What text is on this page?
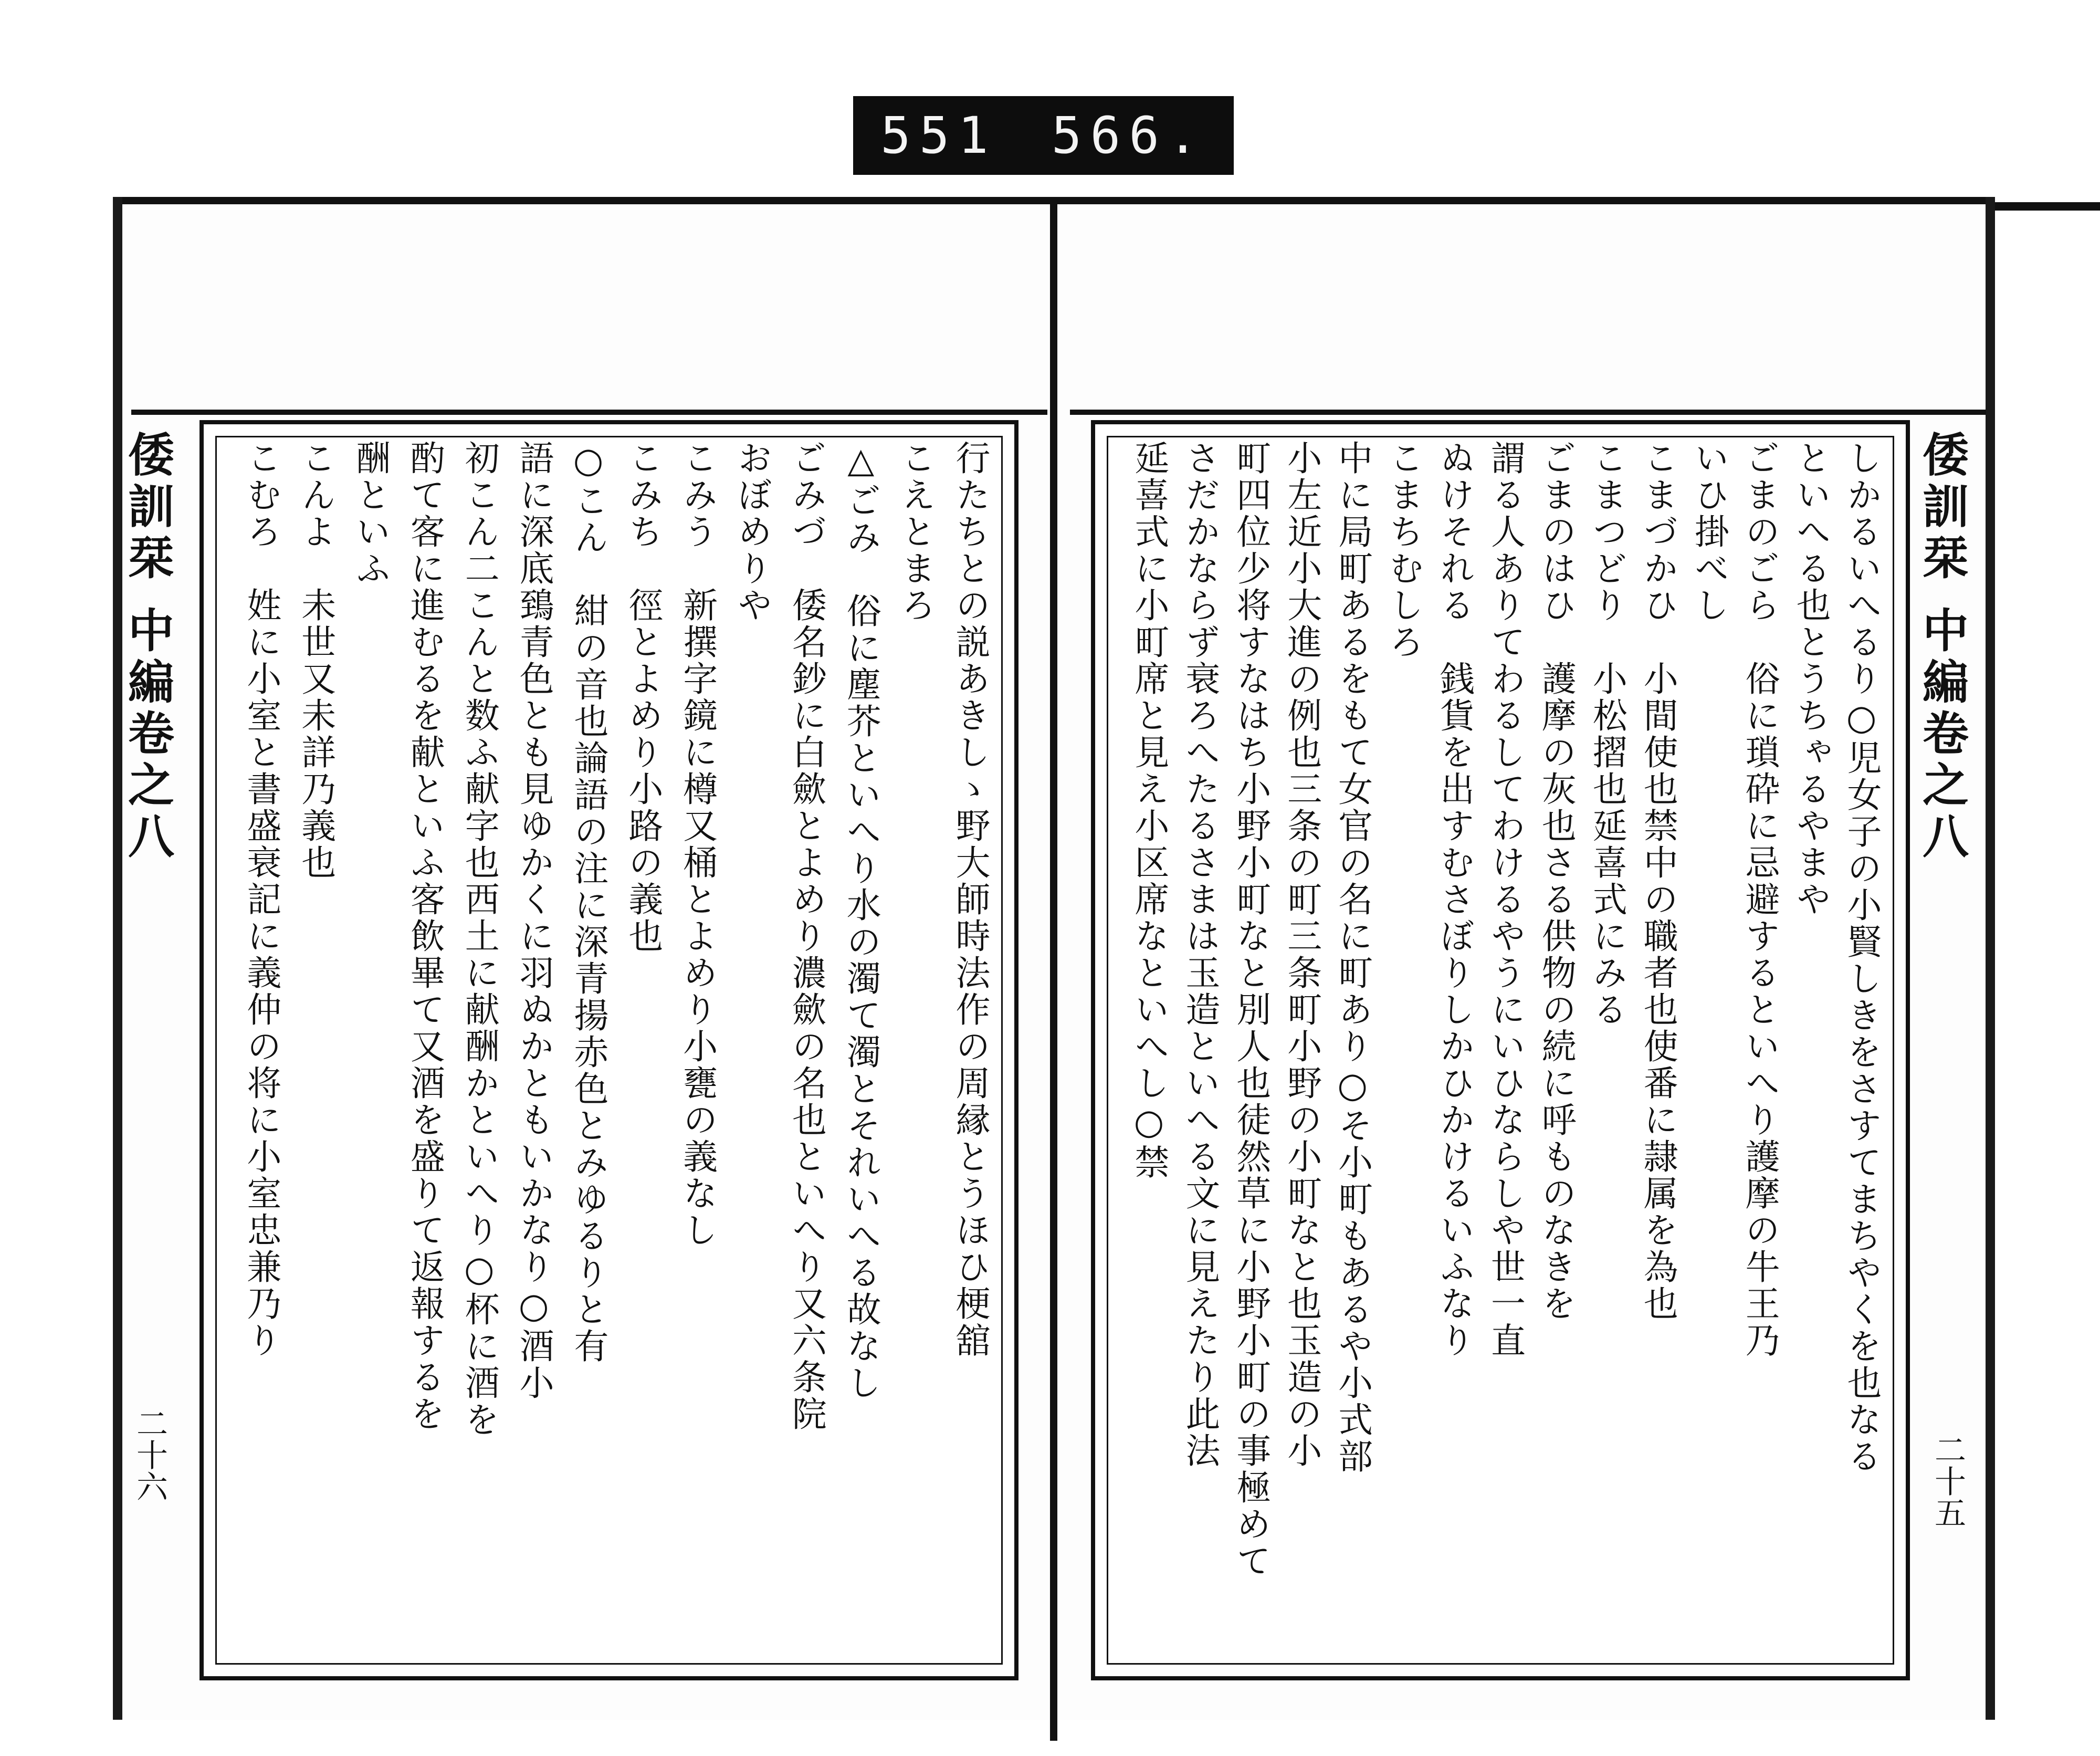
551 566.
倭訓栞 中編卷之八
二十六
行たちとの説あきしゝ野大師時法作の周縁とうほひ梗舘
こえとまろ
△ごみ　俗に塵芥といへり水の濁て濁とそれいへる故なし
ごみづ　倭名鈔に白歛とよめり濃歛の名也といへり又六条院
おぼめりや
こみう　新撰字鏡に樽又桶とよめり小甕の義なし
こみち　徑とよめり小路の義也
○こん　紺の音也論語の注に深青揚赤色とみゆるりと有
語に深底鵄青色とも見ゆかくに羽ぬかともいかなり○酒小
初こん二こんと数ふ献字也西土に献酬かといへり○杯に酒を
酌て客に進むるを献といふ客飲畢て又酒を盛りて返報するを
酬といふ
こんよ　未世又未詳乃義也
こむろ　姓に小室と書盛衰記に義仲の将に小室忠兼乃り	倭訓栞 中編卷之八
二十五
しかるいへるり○児女子の小賢しきをさすてまちやくを也なる
といへる也とうちゃるやまや
ごまのごら　俗に瑣砕に忌避するといへり護摩の牛王乃
いひ掛べし
こまづかひ　小間使也禁中の職者也使番に隷属を為也
こまつどり　小松摺也延喜式にみる
ごまのはひ　護摩の灰也さる供物の続に呼ものなきを
謂る人ありてわるしてわけるやうにいひならしや世一直
ぬけそれる　銭貨を出すむさぼりしかひかけるいふなり
こまちむしろ
中に局町あるをもて女官の名に町あり○そ小町もあるや小式部
小左近小大進の例也三条の町三条町小野の小町なと也玉造の小
町四位少将すなはち小野小町なと別人也徒然草に小野小町の事極めて
さだかならず衰ろへたるさまは玉造といへる文に見えたり此法
延喜式に小町席と見え小区席なといへし○禁
